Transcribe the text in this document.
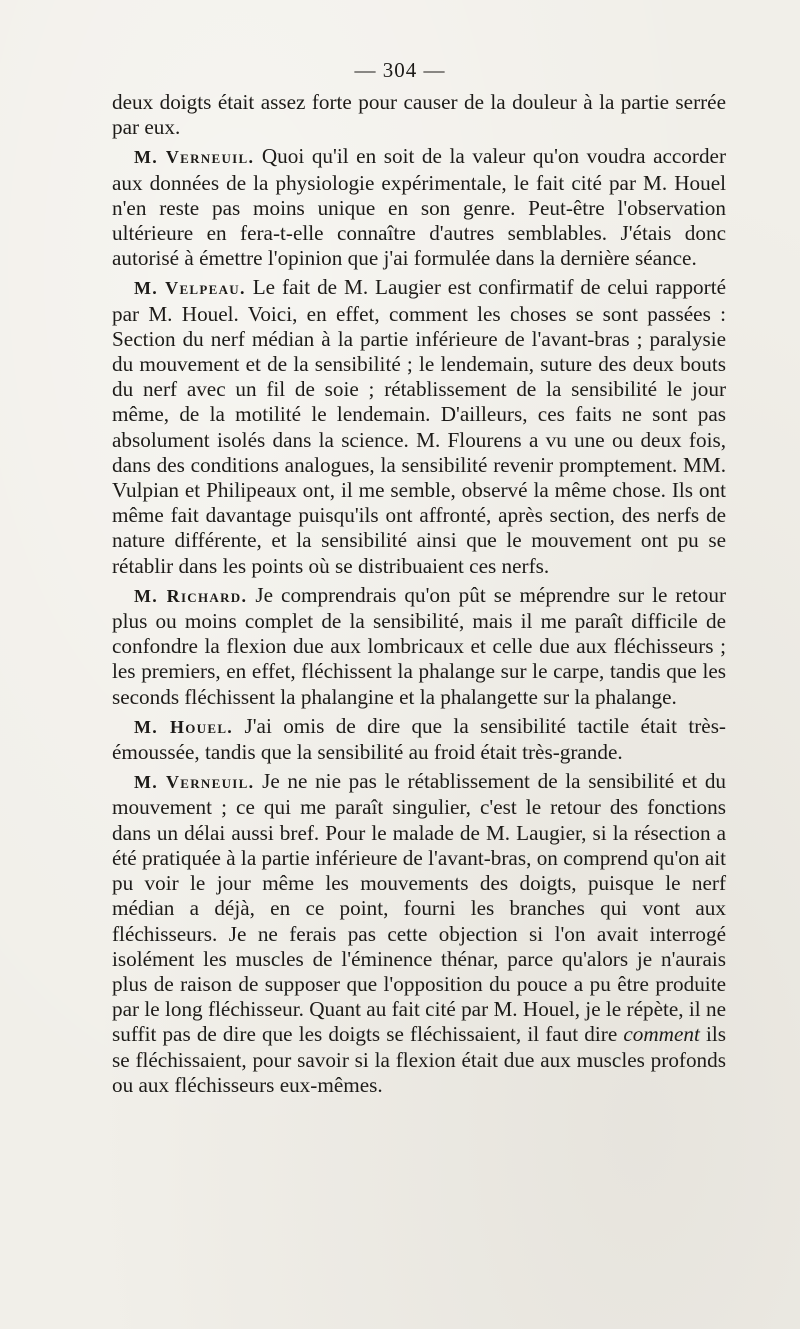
— 304 —

deux doigts était assez forte pour causer de la douleur à la partie serrée par eux.

M. Verneuil. Quoi qu'il en soit de la valeur qu'on voudra accorder aux données de la physiologie expérimentale, le fait cité par M. Houel n'en reste pas moins unique en son genre. Peut-être l'observation ultérieure en fera-t-elle connaître d'autres semblables. J'étais donc autorisé à émettre l'opinion que j'ai formulée dans la dernière séance.

M. Velpeau. Le fait de M. Laugier est confirmatif de celui rapporté par M. Houel. Voici, en effet, comment les choses se sont passées : Section du nerf médian à la partie inférieure de l'avant-bras ; paralysie du mouvement et de la sensibilité ; le lendemain, suture des deux bouts du nerf avec un fil de soie ; rétablissement de la sensibilité le jour même, de la motilité le lendemain. D'ailleurs, ces faits ne sont pas absolument isolés dans la science. M. Flourens a vu une ou deux fois, dans des conditions analogues, la sensibilité revenir promptement. MM. Vulpian et Philipeaux ont, il me semble, observé la même chose. Ils ont même fait davantage puisqu'ils ont affronté, après section, des nerfs de nature différente, et la sensibilité ainsi que le mouvement ont pu se rétablir dans les points où se distribuaient ces nerfs.

M. Richard. Je comprendrais qu'on pût se méprendre sur le retour plus ou moins complet de la sensibilité, mais il me paraît difficile de confondre la flexion due aux lombricaux et celle due aux fléchisseurs ; les premiers, en effet, fléchissent la phalange sur le carpe, tandis que les seconds fléchissent la phalangine et la phalangette sur la phalange.

M. Houel. J'ai omis de dire que la sensibilité tactile était très-émoussée, tandis que la sensibilité au froid était très-grande.

M. Verneuil. Je ne nie pas le rétablissement de la sensibilité et du mouvement ; ce qui me paraît singulier, c'est le retour des fonctions dans un délai aussi bref. Pour le malade de M. Laugier, si la résection a été pratiquée à la partie inférieure de l'avant-bras, on comprend qu'on ait pu voir le jour même les mouvements des doigts, puisque le nerf médian a déjà, en ce point, fourni les branches qui vont aux fléchisseurs. Je ne ferais pas cette objection si l'on avait interrogé isolément les muscles de l'éminence thénar, parce qu'alors je n'aurais plus de raison de supposer que l'opposition du pouce a pu être produite par le long fléchisseur. Quant au fait cité par M. Houel, je le répète, il ne suffit pas de dire que les doigts se fléchissaient, il faut dire comment ils se fléchissaient, pour savoir si la flexion était due aux muscles profonds ou aux fléchisseurs eux-mêmes.
